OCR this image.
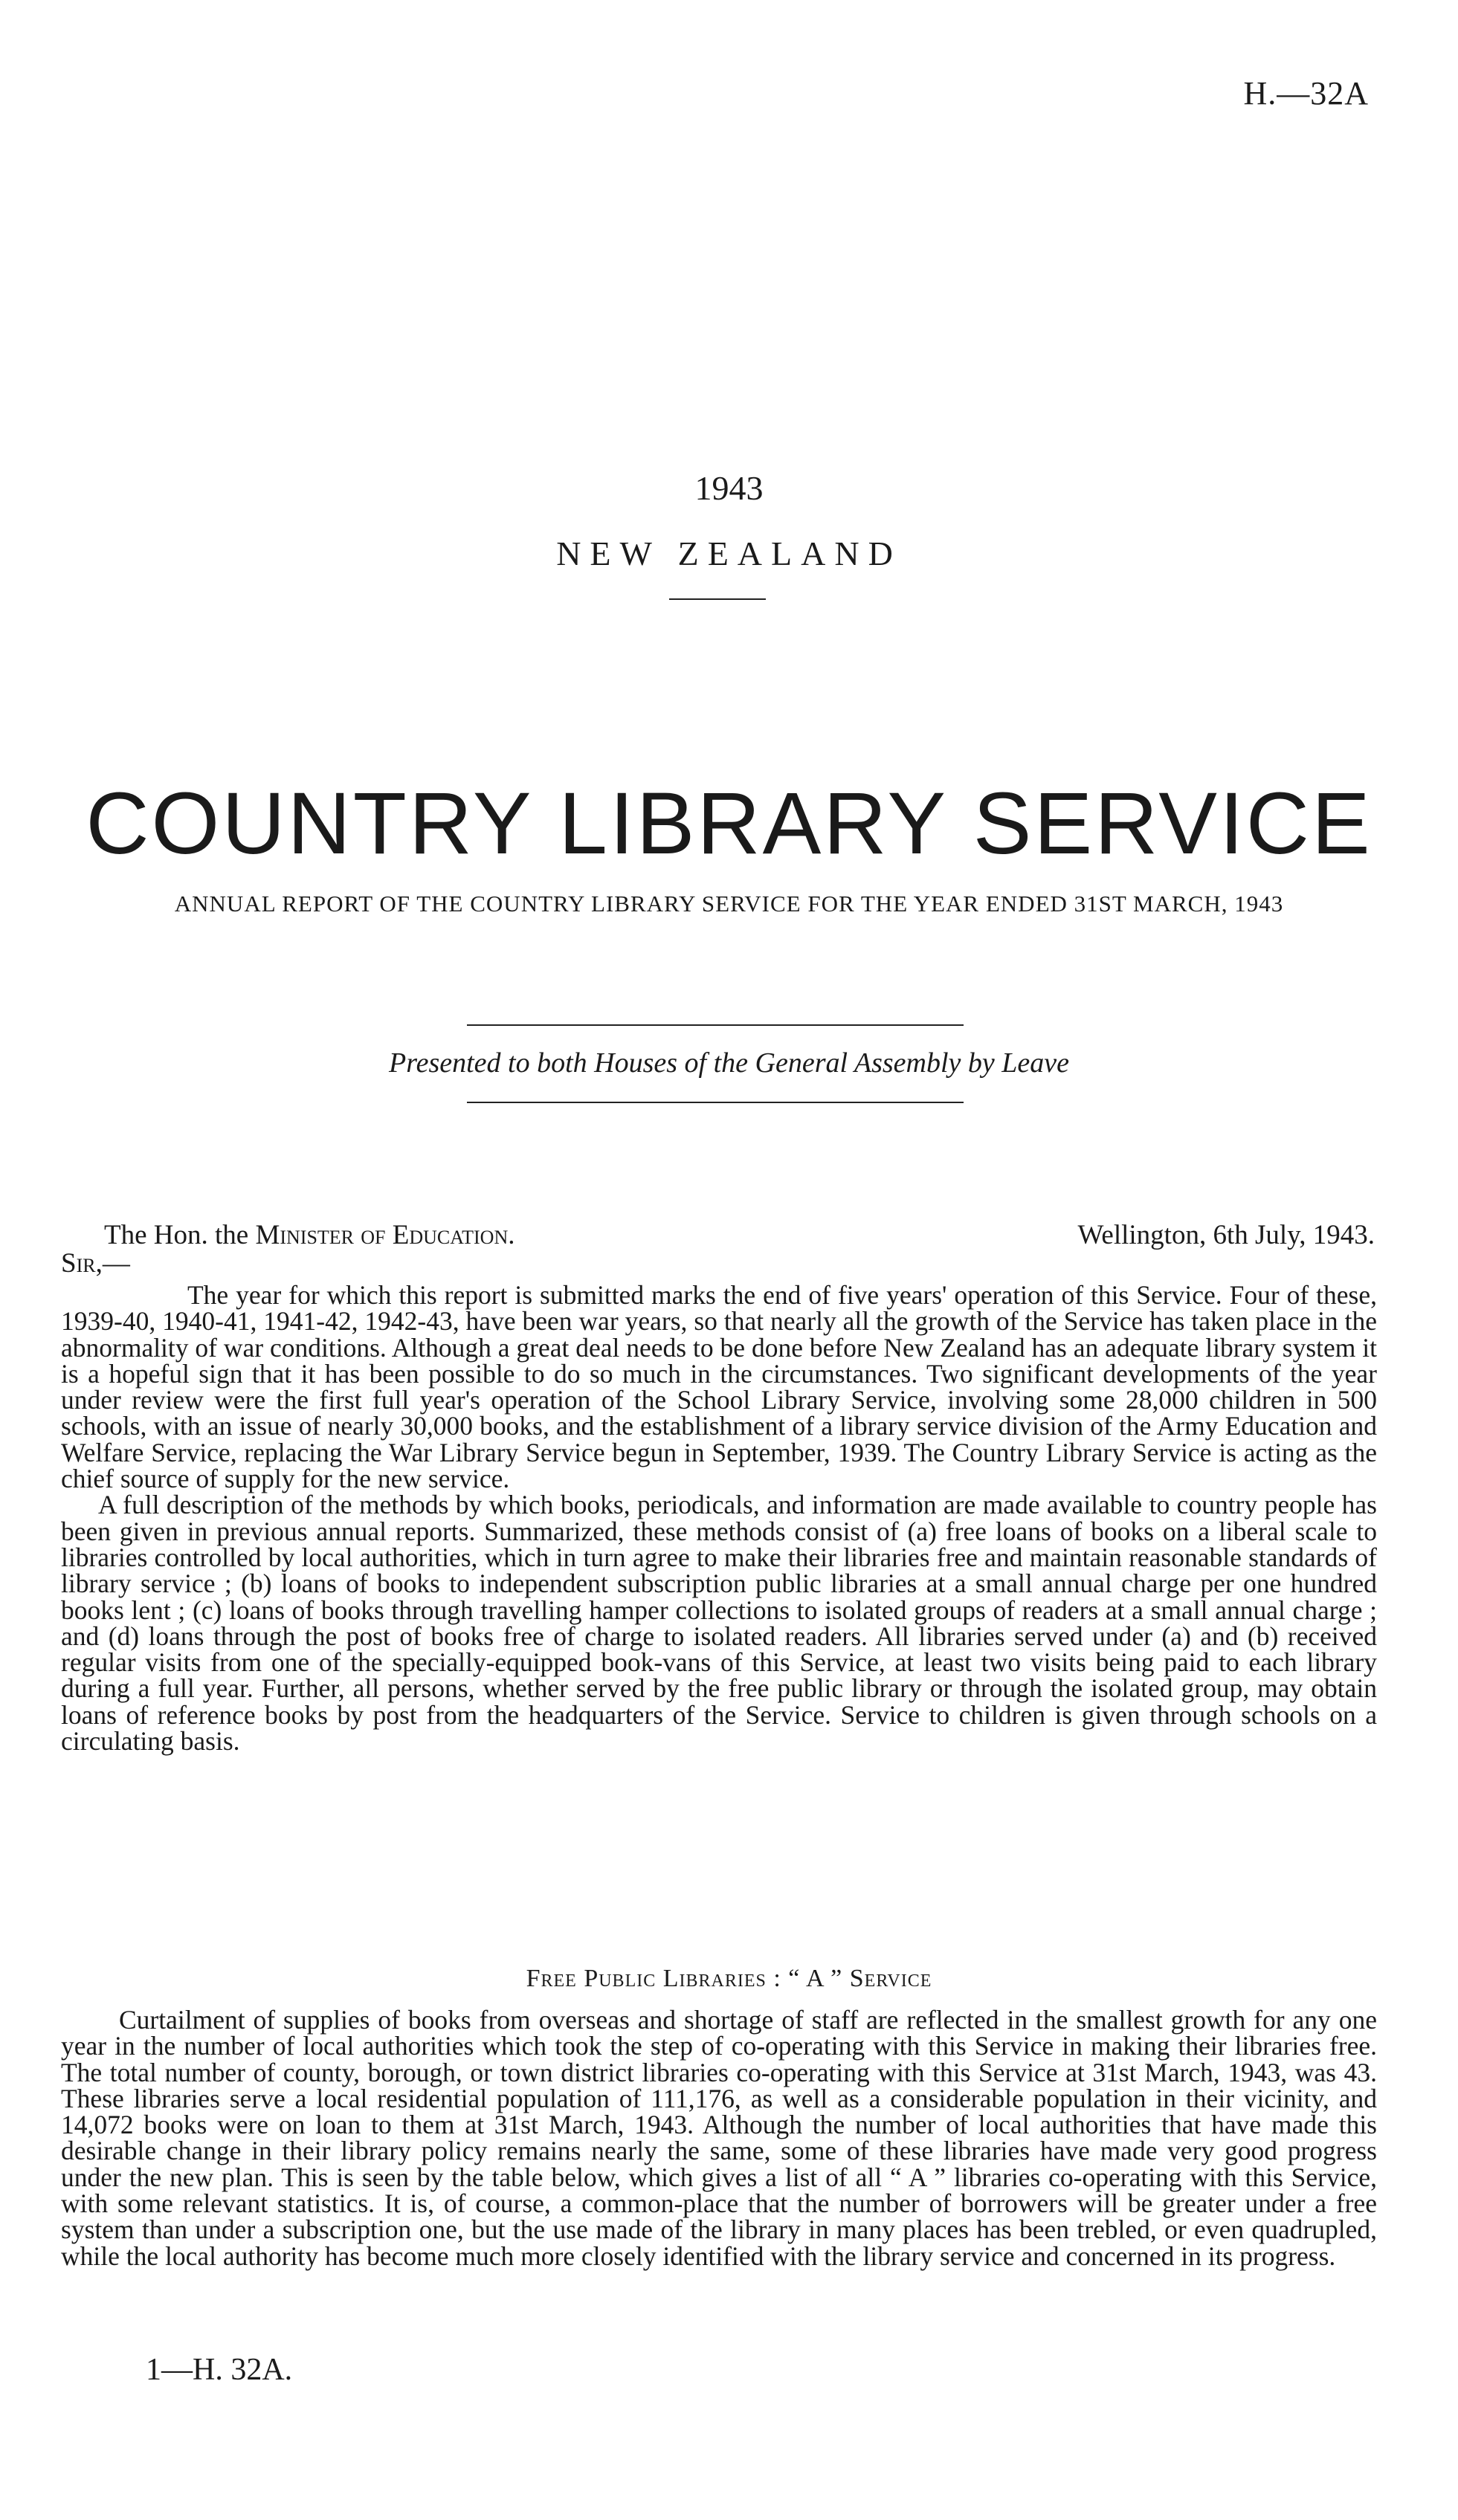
H.—32A
1943
NEW ZEALAND
COUNTRY LIBRARY SERVICE
ANNUAL REPORT OF THE COUNTRY LIBRARY SERVICE FOR THE YEAR ENDED 31ST MARCH, 1943
Presented to both Houses of the General Assembly by Leave
The Hon. the Minister of Education.	Wellington, 6th July, 1943.
Sir,—

The year for which this report is submitted marks the end of five years' operation of this Service. Four of these, 1939-40, 1940-41, 1941-42, 1942-43, have been war years, so that nearly all the growth of the Service has taken place in the abnormality of war conditions. Although a great deal needs to be done before New Zealand has an adequate library system it is a hopeful sign that it has been possible to do so much in the circumstances. Two significant developments of the year under review were the first full year's operation of the School Library Service, involving some 28,000 children in 500 schools, with an issue of nearly 30,000 books, and the establishment of a library service division of the Army Education and Welfare Service, replacing the War Library Service begun in September, 1939. The Country Library Service is acting as the chief source of supply for the new service.

A full description of the methods by which books, periodicals, and information are made available to country people has been given in previous annual reports. Summarized, these methods consist of (a) free loans of books on a liberal scale to libraries controlled by local authorities, which in turn agree to make their libraries free and maintain reasonable standards of library service ; (b) loans of books to independent subscription public libraries at a small annual charge per one hundred books lent ; (c) loans of books through travelling hamper collections to isolated groups of readers at a small annual charge ; and (d) loans through the post of books free of charge to isolated readers. All libraries served under (a) and (b) received regular visits from one of the specially-equipped book-vans of this Service, at least two visits being paid to each library during a full year. Further, all persons, whether served by the free public library or through the isolated group, may obtain loans of reference books by post from the headquarters of the Service. Service to children is given through schools on a circulating basis.

Free Public Libraries : “ A ” Service

Curtailment of supplies of books from overseas and shortage of staff are reflected in the smallest growth for any one year in the number of local authorities which took the step of co-operating with this Service in making their libraries free. The total number of county, borough, or town district libraries co-operating with this Service at 31st March, 1943, was 43. These libraries serve a local residential population of 111,176, as well as a considerable population in their vicinity, and 14,072 books were on loan to them at 31st March, 1943. Although the number of local authorities that have made this desirable change in their library policy remains nearly the same, some of these libraries have made very good progress under the new plan. This is seen by the table below, which gives a list of all “ A ” libraries co-operating with this Service, with some relevant statistics. It is, of course, a common-place that the number of borrowers will be greater under a free system than under a subscription one, but the use made of the library in many places has been trebled, or even quadrupled, while the local authority has become much more closely identified with the library service and concerned in its progress.

1—H. 32A.
